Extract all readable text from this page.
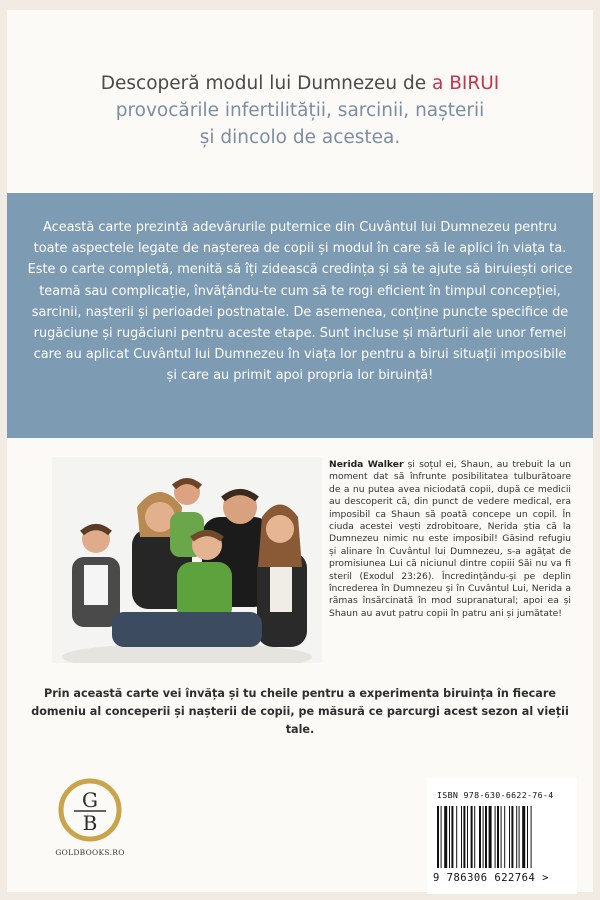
Descoperă modul lui Dumnezeu de a BIRUI
provocările infertilității, sarcinii, nașterii
și dincolo de acestea.

Această carte prezintă adevărurile puternice din Cuvântul lui Dumnezeu pentru toate aspectele legate de nașterea de copii și modul în care să le aplici în viața ta. Este o carte completă, menită să îți zidească credința și să te ajute să biruiești orice teamă sau complicație, învățându-te cum să te rogi eficient în timpul concepției, sarcinii, nașterii și perioadei postnatale. De asemenea, conține puncte specifice de rugăciune și rugăciuni pentru aceste etape. Sunt incluse și mărturii ale unor femei care au aplicat Cuvântul lui Dumnezeu în viața lor pentru a birui situații imposibile și care au primit apoi propria lor biruință!

Nerida Walker și soțul ei, Shaun, au trebuit la un moment dat să înfrunte posibilitatea tulburătoare de a nu putea avea niciodată copii, după ce medicii au descoperit că, din punct de vedere medical, era imposibil ca Shaun să poată concepe un copil. În ciuda acestei vești zdrobitoare, Nerida știa că la Dumnezeu nimic nu este imposibil! Găsind refugiu și alinare în Cuvântul lui Dumnezeu, s-a agățat de promisiunea Lui că niciunul dintre copiii Săi nu va fi steril (Exodul 23:26). Încredințându-și pe deplin încrederea în Dumnezeu și în Cuvântul Lui, Nerida a rămas însărcinată în mod supranatural; apoi ea și Shaun au avut patru copii în patru ani și jumătate!
Prin această carte vei învăța și tu cheile pentru a experimenta biruința în fiecare domeniu al conceperii și nașterii de copii, pe măsură ce parcurgi acest sezon al vieții tale.
G
B
GOLDBOOKS.RO
ISBN 978-630-6622-76-4
9 786306 622764 >
